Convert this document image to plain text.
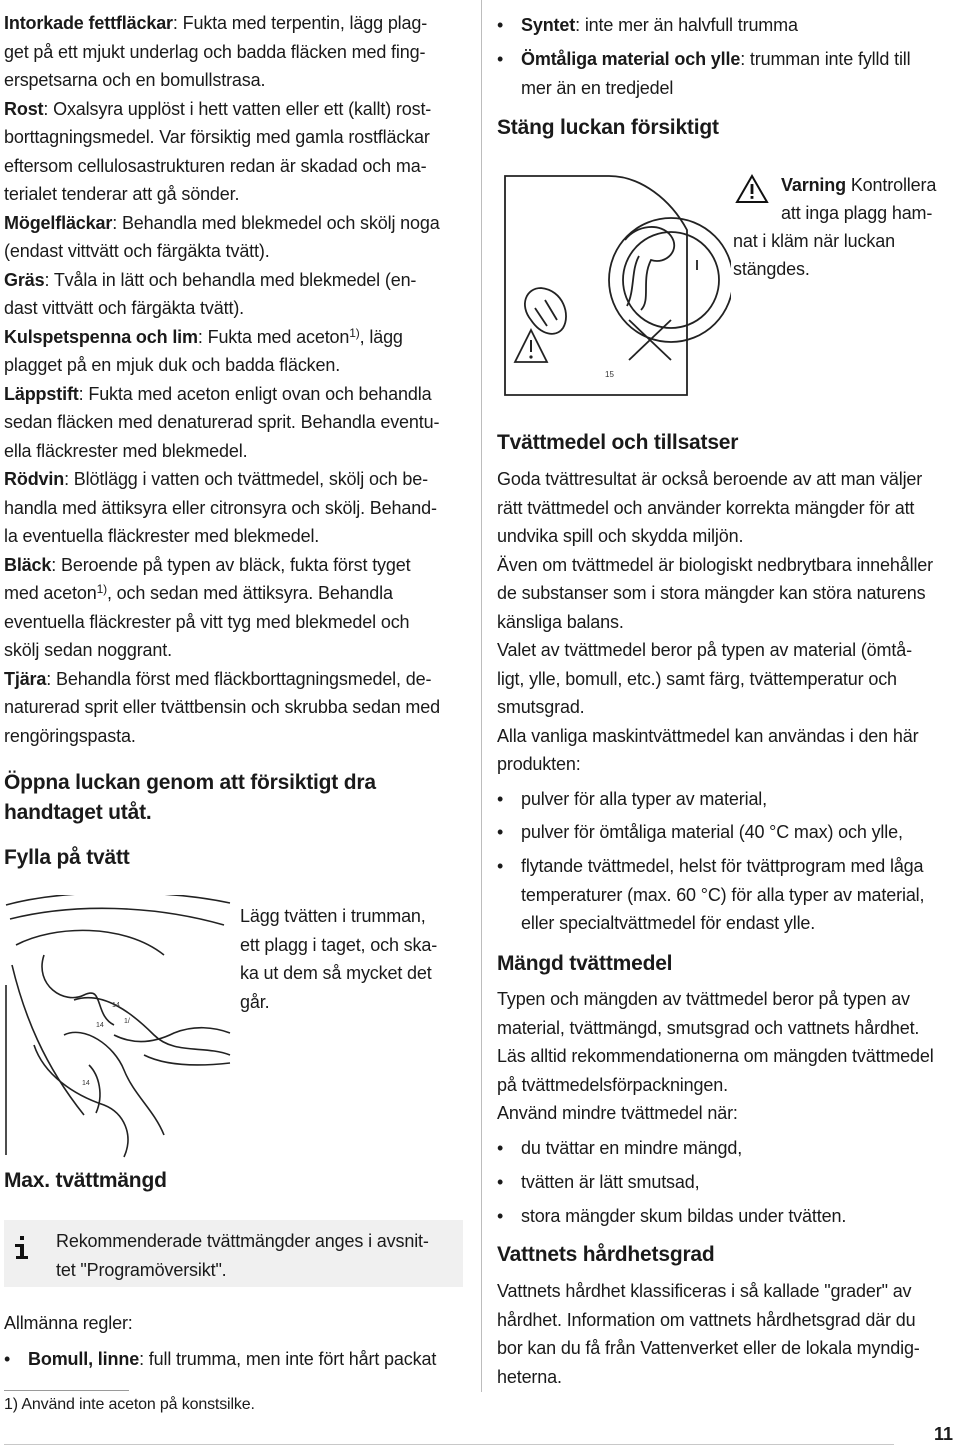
Intorkade fettfläckar: Fukta med terpentin, lägg plag-
get på ett mjukt underlag och badda fläcken med fing-
erspetsarna och en bomullstrasa.

Rost: Oxalsyra upplöst i hett vatten eller ett (kallt) rost-
borttagningsmedel. Var försiktig med gamla rostfläckar
eftersom cellulosastrukturen redan är skadad och ma-
terialet tenderar att gå sönder.

Mögelfläckar: Behandla med blekmedel och skölj noga
(endast vittvätt och färgäkta tvätt).

Gräs: Tvåla in lätt och behandla med blekmedel (en-
dast vittvätt och färgäkta tvätt).

Kulspetspenna och lim: Fukta med aceton$^{1)}$, lägg
plagget på en mjuk duk och badda fläcken.

Läppstift: Fukta med aceton enligt ovan och behandla
sedan fläcken med denaturerad sprit. Behandla eventu-
ella fläckrester med blekmedel.

Rödvin: Blötlägg i vatten och tvättmedel, skölj och be-
handla med ättiksyra eller citronsyra och skölj. Behand-
la eventuella fläckrester med blekmedel.

Bläck: Beroende på typen av bläck, fukta först tyget
med aceton$^{1)}$, och sedan med ättiksyra. Behandla
eventuella fläckrester på vitt tyg med blekmedel och
skölj sedan noggrant.

Tjära: Behandla först med fläckborttagningsmedel, de-
naturerad sprit eller tvättbensin och skrubba sedan med
rengöringspasta.

Öppna luckan genom att försiktigt dra
handtaget utåt.
Fylla på tvätt
14
14
1/
14

Lägg tvätten i trumman,
ett plagg i taget, och ska-
ka ut dem så mycket det
går.

Max. tvättmängd

Rekommenderade tvättmängder anges i avsnit-
tet "Programöversikt".

Allmänna regler:

• Bomull, linne: full trumma, men inte fört hårt packat

1) Använd inte aceton på konstsilke.

• Syntet: inte mer än halvfull trumma
• Ömtåliga material och ylle: trumman inte fylld till
mer än en tredjedel
Stäng luckan försiktigt
15

Varning Kontrollera

att inga plagg ham-

nat i kläm när luckan

stängdes.

Tvättmedel och tillsatser

Goda tvättresultat är också beroende av att man väljer
rätt tvättmedel och använder korrekta mängder för att
undvika spill och skydda miljön.
Även om tvättmedel är biologiskt nedbrytbara innehåller
de substanser som i stora mängder kan störa naturens
känsliga balans.
Valet av tvättmedel beror på typen av material (ömtå-
ligt, ylle, bomull, etc.) samt färg, tvättemperatur och
smutsgrad.
Alla vanliga maskintvättmedel kan användas i den här
produkten:

• pulver för alla typer av material,
• pulver för ömtåliga material (40 °C max) och ylle,
• flytande tvättmedel, helst för tvättprogram med låga
temperaturer (max. 60 °C) för alla typer av material,
eller specialtvättmedel för endast ylle.
Mängd tvättmedel

Typen och mängden av tvättmedel beror på typen av
material, tvättmängd, smutsgrad och vattnets hårdhet.
Läs alltid rekommendationerna om mängden tvättmedel
på tvättmedelsförpackningen.
Använd mindre tvättmedel när:

• du tvättar en mindre mängd,
• tvätten är lätt smutsad,
• stora mängder skum bildas under tvätten.
Vattnets hårdhetsgrad

Vattnets hårdhet klassificeras i så kallade "grader" av
hårdhet. Information om vattnets hårdhetsgrad där du
bor kan du få från Vattenverket eller de lokala myndig-
heterna.

11
